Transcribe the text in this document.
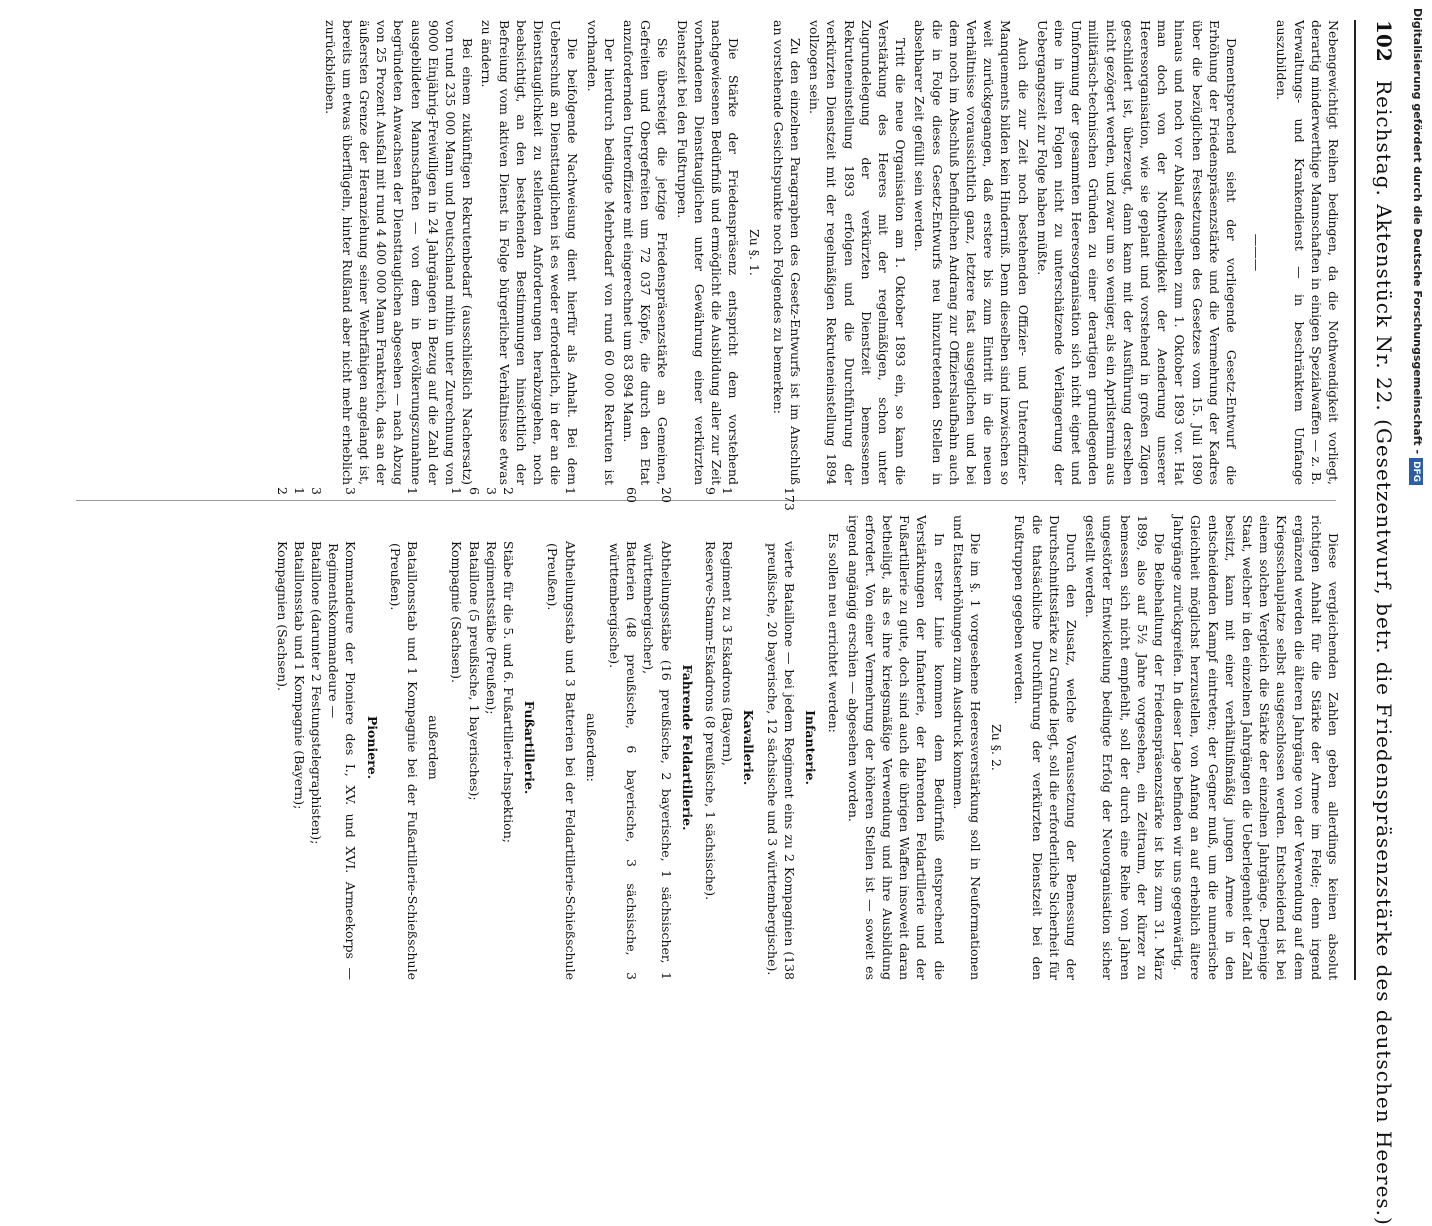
102 Reichstag. Aktenstück Nr. 22. (Gesetzentwurf, betr. die Friedenspräsenzstärke des deutschen Heeres.)

Nebengewichtigt Reihen bedingen, da die Nothwendigkeit vorliegt, derartig minderwerthige Mannschaften in einigen Spezialwaffen — z. B. Verwaltungs- und Krankendienst — in beschränktem Umfange auszubilden.

———

Dementsprechend sieht der vorliegende Gesetz-Entwurf die Erhöhung der Friedenspräsenzstärke und die Vermehrung der Kadres über die bezüglichen Festsetzungen des Gesetzes vom 15. Juli 1890 hinaus und noch vor Ablauf desselben zum 1. Oktober 1893 vor. Hat man doch von der Nothwendigkeit der Aenderung unserer Heeresorganisation, wie sie geplant und vorstehend in großen Zügen geschildert ist, überzeugt, dann kann mit der Ausführung derselben nicht gezögert werden, und zwar um so weniger, als ein Aprilstermin aus militärisch-technischen Gründen zu einer derartigen grundlegenden Umformung der gesammten Heeresorganisation sich nicht eignet und eine in ihren Folgen nicht zu unterschätzende Verlängerung der Uebergangszeit zur Folge haben müßte.

Auch die zur Zeit noch bestehenden Offizier- und Unteroffizier-Manquements bilden kein Hinderniß. Denn dieselben sind inzwischen so weit zurückgegangen, daß erstere bis zum Eintritt in die neuen Verhältnisse voraussichtlich ganz, letztere fast ausgeglichen und bei dem noch im Abschluß befindlichen Andrang zur Offizierslaufbahn auch die in Folge dieses Gesetz-Entwurfs neu hinzutretenden Stellen in absehbarer Zeit gefüllt sein werden.

Tritt die neue Organisation am 1. Oktober 1893 ein, so kann die Verstärkung des Heeres mit der regelmäßigen, schon unter Zugrundelegung der verkürzten Dienstzeit bemessenen Rekruteneinstellung 1893 erfolgen und die Durchführung der verkürzten Dienstzeit mit der regelmäßigen Rekruteneinstellung 1894 vollzogen sein.

Zu den einzelnen Paragraphen des Gesetz-Entwurfs ist im Anschluß an vorstehende Gesichtspunkte noch Folgendes zu bemerken:

Zu §. 1.

Die Stärke der Friedenspräsenz entspricht dem vorstehend nachgewiesenen Bedürfniß und ermöglicht die Ausbildung aller zur Zeit vorhandenen Diensttauglichen unter Gewährung einer verkürzten Dienstzeit bei den Fußtruppen.

Sie übersteigt die jetzige Friedenspräsenzstärke an Gemeinen, Gefreiten und Obergefreiten um 72 037 Köpfe, die durch den Etat anzufordernden Unteroffiziere mit eingerechnet um 83 894 Mann.

Der hierdurch bedingte Mehrbedarf von rund 60 000 Rekruten ist vorhanden.

Die beifolgende Nachweisung dient hierfür als Anhalt. Bei dem Ueberschuß an Diensttauglichen ist es weder erforderlich, in der an die Diensttauglichkeit zu stellenden Anforderungen herabzugehen, noch beabsichtigt, an den bestehenden Bestimmungen hinsichtlich der Befreiung vom aktiven Dienst in Folge bürgerlicher Verhältnisse etwas zu ändern.

Bei einem zukünftigen Rekrutenbedarf (ausschließlich Nachersatz) von rund 235 000 Mann und Deutschland mithin unter Zurechnung von 9000 Einjährig-Freiwilligen in 24 Jahrgängen in Bezug auf die Zahl der ausgebildeten Mannschaften — von dem in Bevölkerungszunahme begründeten Anwachsen der Diensttauglichen abgesehen — nach Abzug von 25 Prozent Ausfall mit rund 4 400 000 Mann Frankreich, das an der äußersten Grenze der Heranziehung seiner Wehrfähigen angelangt ist, bereits um etwas überflügeln, hinter Rußland aber nicht mehr erheblich zurückbleiben.

Diese vergleichenden Zahlen geben allerdings keinen absolut richtigen Anhalt für die Stärke der Armee im Felde; denn irgend ergänzend werden die älteren Jahrgänge von der Verwendung auf dem Kriegsschauplatze selbst ausgeschlossen werden. Entscheidend ist bei einem solchen Vergleich die Stärke der einzelnen Jahrgänge. Derjenige Staat, welcher in den einzelnen Jahrgängen die Ueberlegenheit der Zahl besitzt, kann mit einer verhältnißmäßig jungen Armee in den entscheidenden Kampf eintreten; der Gegner muß, um die numerische Gleichheit möglichst herzustellen, von Anfang an auf erheblich ältere Jahrgänge zurückgreifen. In dieser Lage befinden wir uns gegenwärtig.

Die Beibehaltung der Friedenspräsenzstärke ist bis zum 31. März 1899, also auf 5½ Jahre vorgesehen, ein Zeitraum, der kürzer zu bemessen sich nicht empfiehlt, soll der durch eine Reihe von Jahren ungestörter Entwickelung bedingte Erfolg der Neuorganisation sicher gestellt werden.

Durch den Zusatz, welche Voraussetzung der Bemessung der Durchschnittsstärke zu Grunde liegt, soll die erforderliche Sicherheit für die thatsächliche Durchführung der verkürzten Dienstzeit bei den Fußtruppen gegeben werden.

Zu §. 2.

Die im §. 1 vorgesehene Heeresverstärkung soll in Neuformationen und Etatserhöhungen zum Ausdruck kommen.

In erster Linie kommen dem Bedürfniß entsprechend die Verstärkungen der Infanterie, der fahrenden Feldartillerie und der Fußartillerie zu gute, doch sind auch die übrigen Waffen insoweit daran betheiligt, als es ihre kriegsmäßige Verwendung und ihre Ausbildung erfordert. Von einer Vermehrung der höheren Stellen ist — soweit es irgend angängig erschien — abgesehen worden.

Es sollen neu errichtet werden:

Infanterie.

173vierte Bataillone — bei jedem Regiment eins zu 2 Kompagnien (138 preußische, 20 bayerische, 12 sächsische und 3 württembergische).

Kavallerie.

1Regiment zu 3 Eskadrons (Bayern),

9Reserve-Stamm-Eskadrons (8 preußische, 1 sächsische).

Fahrende Feldartillerie.

20Abtheilungsstäbe (16 preußische, 2 bayerische, 1 sächsischer, 1 württembergischer),

60Batterien (48 preußische, 6 bayerische, 3 sächsische, 3 württembergische).

außerdem:

1Abtheilungsstab und 3 Batterien bei der Feldartillerie-Schießschule (Preußen).

Fußartillerie.

2Stäbe für die 5. und 6. Fußartillerie-Inspektion;

3Regimentsstäbe (Preußen);

6Bataillone (5 preußische, 1 bayerisches);

1Kompagnie (Sachsen).

außerdem

1Bataillonsstab und 1 Kompagnie bei der Fußartillerie-Schießschule (Preußen).

Pioniere.

3Kommandeure der Pioniere des I., XV. und XVI. Armeekorps — Regimentskommandeure —

3Bataillone (darunter 2 Festungstelegraphisten);

1Bataillonsstab und 1 Kompagnie (Bayern);

2Kompagnien (Sachsen).

Digitalisierung gefördert durch die Deutsche Forschungsgemeinschaft -DFG
